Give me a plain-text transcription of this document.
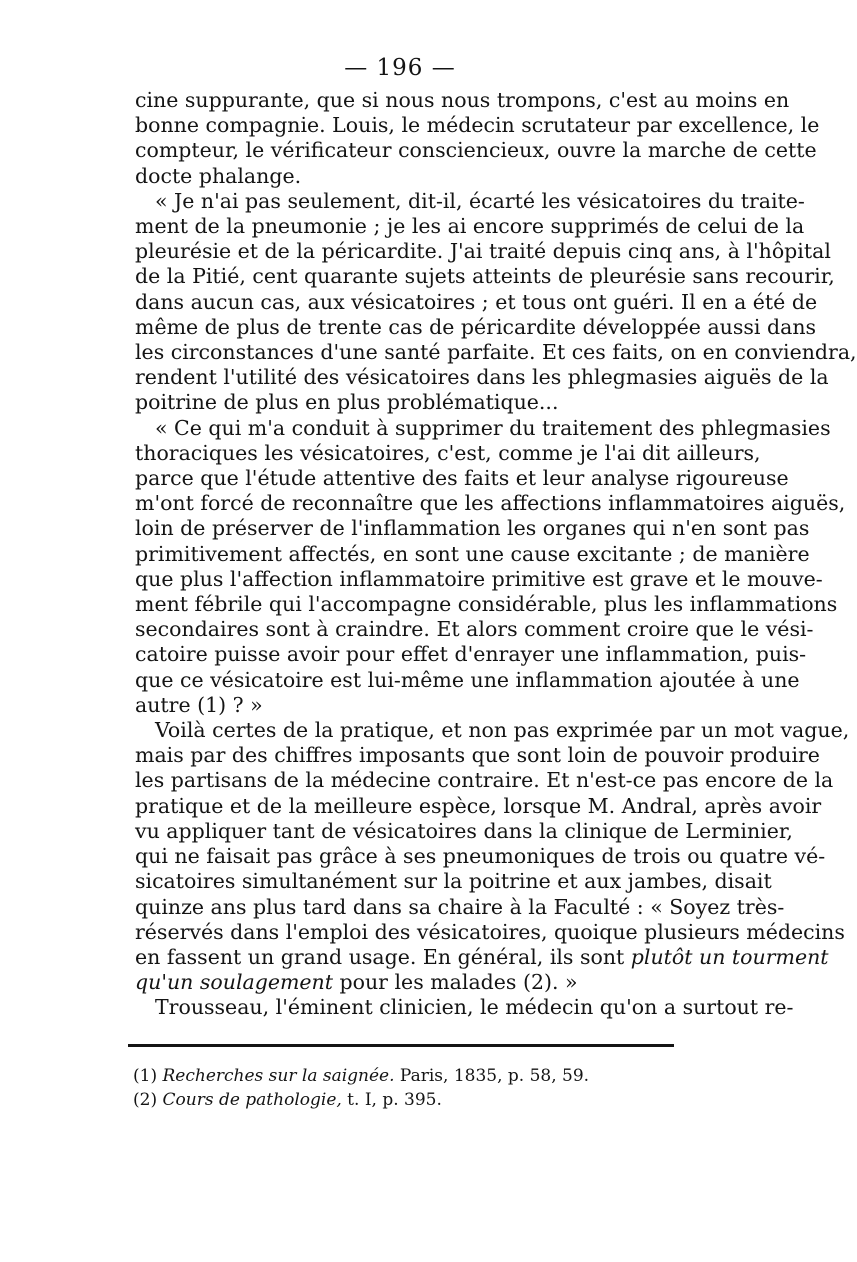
— 196 —
cine suppurante, que si nous nous trompons, c'est au moins en
bonne compagnie. Louis, le médecin scrutateur par excellence, le
compteur, le vérificateur consciencieux, ouvre la marche de cette
docte phalange.
« Je n'ai pas seulement, dit-il, écarté les vésicatoires du traite-
ment de la pneumonie ; je les ai encore supprimés de celui de la
pleurésie et de la péricardite. J'ai traité depuis cinq ans, à l'hôpital
de la Pitié, cent quarante sujets atteints de pleurésie sans recourir,
dans aucun cas, aux vésicatoires ; et tous ont guéri. Il en a été de
même de plus de trente cas de péricardite développée aussi dans
les circonstances d'une santé parfaite. Et ces faits, on en conviendra,
rendent l'utilité des vésicatoires dans les phlegmasies aiguës de la
poitrine de plus en plus problématique...
« Ce qui m'a conduit à supprimer du traitement des phlegmasies
thoraciques les vésicatoires, c'est, comme je l'ai dit ailleurs,
parce que l'étude attentive des faits et leur analyse rigoureuse
m'ont forcé de reconnaître que les affections inflammatoires aiguës,
loin de préserver de l'inflammation les organes qui n'en sont pas
primitivement affectés, en sont une cause excitante ; de manière
que plus l'affection inflammatoire primitive est grave et le mouve-
ment fébrile qui l'accompagne considérable, plus les inflammations
secondaires sont à craindre. Et alors comment croire que le vési-
catoire puisse avoir pour effet d'enrayer une inflammation, puis-
que ce vésicatoire est lui-même une inflammation ajoutée à une
autre (1) ? »
Voilà certes de la pratique, et non pas exprimée par un mot vague,
mais par des chiffres imposants que sont loin de pouvoir produire
les partisans de la médecine contraire. Et n'est-ce pas encore de la
pratique et de la meilleure espèce, lorsque M. Andral, après avoir
vu appliquer tant de vésicatoires dans la clinique de Lerminier,
qui ne faisait pas grâce à ses pneumoniques de trois ou quatre vé-
sicatoires simultanément sur la poitrine et aux jambes, disait
quinze ans plus tard dans sa chaire à la Faculté : « Soyez très-
réservés dans l'emploi des vésicatoires, quoique plusieurs médecins
en fassent un grand usage. En général, ils sont plutôt un tourment
qu'un soulagement pour les malades (2). »
Trousseau, l'éminent clinicien, le médecin qu'on a surtout re-
(1) Recherches sur la saignée. Paris, 1835, p. 58, 59.
(2) Cours de pathologie, t. I, p. 395.
